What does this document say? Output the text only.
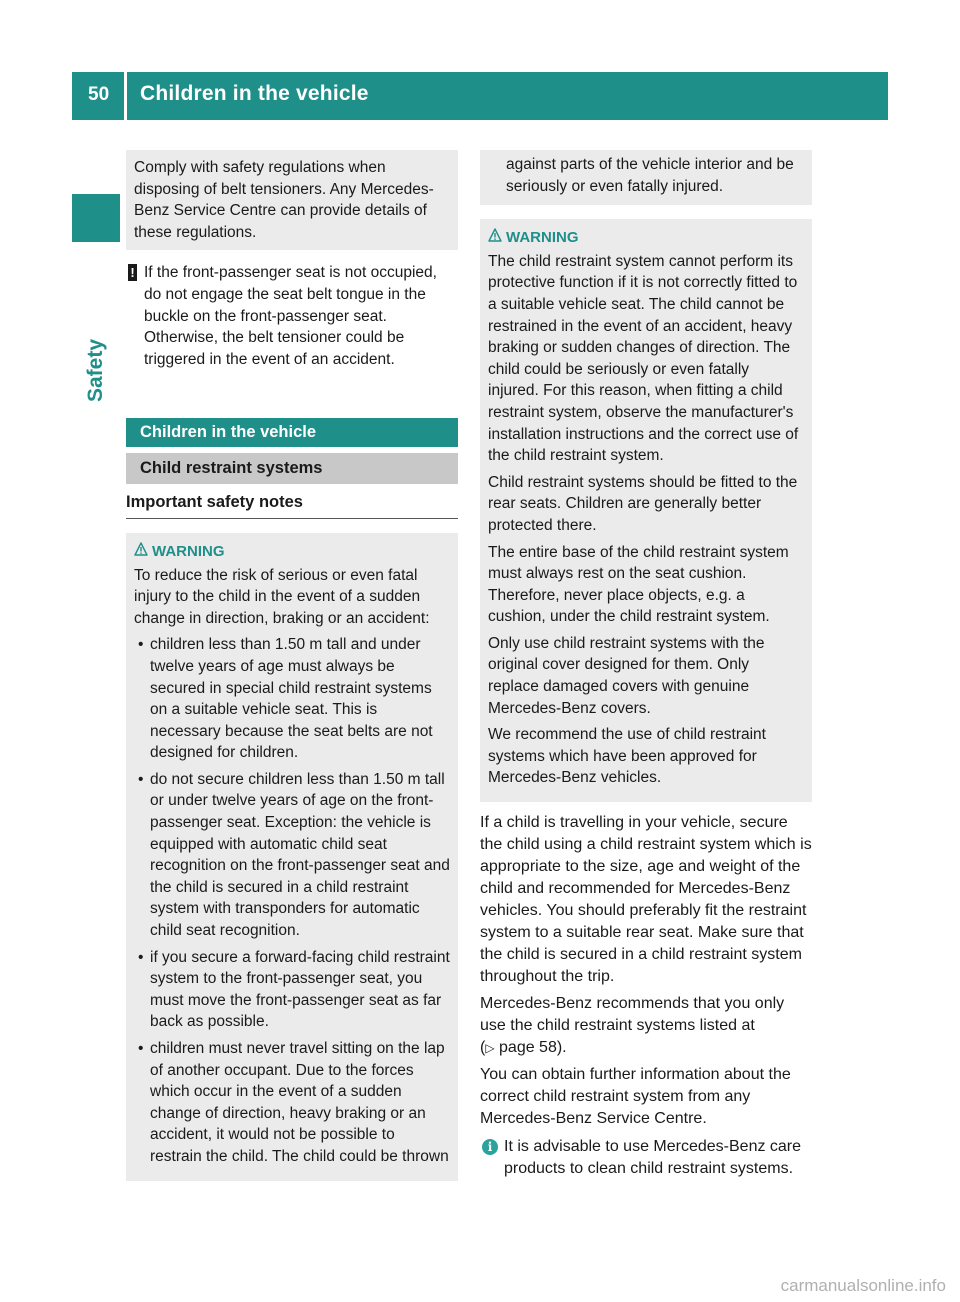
50	Children in the vehicle
Safety

Comply with safety regulations when disposing of belt tensioners. Any Mercedes-Benz Service Centre can provide details of these regulations.

! If the front-passenger seat is not occupied, do not engage the seat belt tongue in the buckle on the front-passenger seat. Otherwise, the belt tensioner could be triggered in the event of an accident.
Children in the vehicle
Child restraint systems
Important safety notes
WARNING

To reduce the risk of serious or even fatal injury to the child in the event of a sudden change in direction, braking or an accident:

• children less than 1.50 m tall and under twelve years of age must always be secured in special child restraint systems on a suitable vehicle seat. This is necessary because the seat belts are not designed for children.
• do not secure children less than 1.50 m tall or under twelve years of age on the front-passenger seat. Exception: the vehicle is equipped with automatic child seat recognition on the front-passenger seat and the child is secured in a child restraint system with transponders for automatic child seat recognition.
• if you secure a forward-facing child restraint system to the front-passenger seat, you must move the front-passenger seat as far back as possible.
• children must never travel sitting on the lap of another occupant. Due to the forces which occur in the event of a sudden change of direction, heavy braking or an accident, it would not be possible to restrain the child. The child could be thrown

against parts of the vehicle interior and be seriously or even fatally injured.

WARNING

The child restraint system cannot perform its protective function if it is not correctly fitted to a suitable vehicle seat. The child cannot be restrained in the event of an accident, heavy braking or sudden changes of direction. The child could be seriously or even fatally injured. For this reason, when fitting a child restraint system, observe the manufacturer's installation instructions and the correct use of the child restraint system.

Child restraint systems should be fitted to the rear seats. Children are generally better protected there.

The entire base of the child restraint system must always rest on the seat cushion. Therefore, never place objects, e.g. a cushion, under the child restraint system.

Only use child restraint systems with the original cover designed for them. Only replace damaged covers with genuine Mercedes-Benz covers.

We recommend the use of child restraint systems which have been approved for Mercedes-Benz vehicles.

If a child is travelling in your vehicle, secure the child using a child restraint system which is appropriate to the size, age and weight of the child and recommended for Mercedes-Benz vehicles. You should preferably fit the restraint system to a suitable rear seat. Make sure that the child is secured in a child restraint system throughout the trip.

Mercedes-Benz recommends that you only use the child restraint systems listed at
(▷ page 58).

You can obtain further information about the correct child restraint system from any Mercedes-Benz Service Centre.

i It is advisable to use Mercedes-Benz care products to clean child restraint systems.
carmanualsonline.info
